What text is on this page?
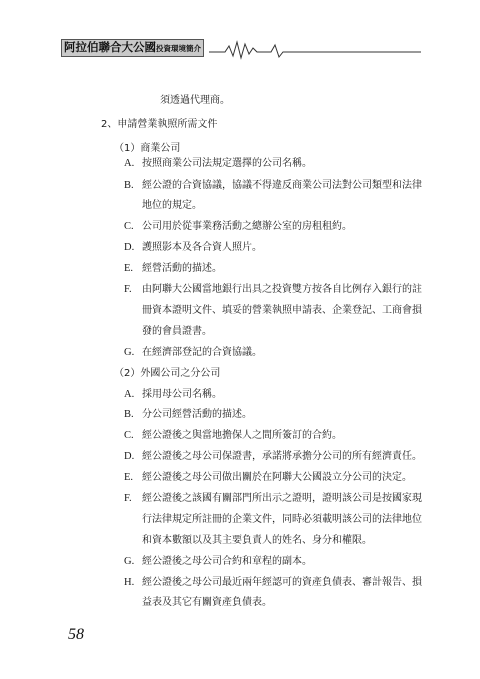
阿拉伯聯合大公國投資環境簡介
須透過代理商。
2、申請營業執照所需文件
（1）商業公司
A. 按照商業公司法規定選擇的公司名稱。
B. 經公證的合資協議，協議不得違反商業公司法對公司類型和法律
地位的規定。
C. 公司用於從事業務活動之總辦公室的房租租約。
D. 護照影本及各合資人照片。
E. 經營活動的描述。
F. 由阿聯大公國當地銀行出具之投資雙方按各自比例存入銀行的註
冊資本證明文件、填妥的營業執照申請表、企業登記、工商會損
發的會員證書。
G. 在經濟部登記的合資協議。
（2）外國公司之分公司
A. 採用母公司名稱。
B. 分公司經營活動的描述。
C. 經公證後之與當地擔保人之間所簽訂的合約。
D. 經公證後之母公司保證書，承諾將承擔分公司的所有經濟責任。
E. 經公證後之母公司做出關於在阿聯大公國設立分公司的決定。
F. 經公證後之該國有關部門所出示之證明，證明該公司是按國家現
行法律規定所註冊的企業文件，同時必須載明該公司的法律地位
和資本數額以及其主要負責人的姓名、身分和權限。
G. 經公證後之母公司合約和章程的副本。
H. 經公證後之母公司最近兩年經認可的資產負債表、審計報告、損
益表及其它有關資產負債表。
58
